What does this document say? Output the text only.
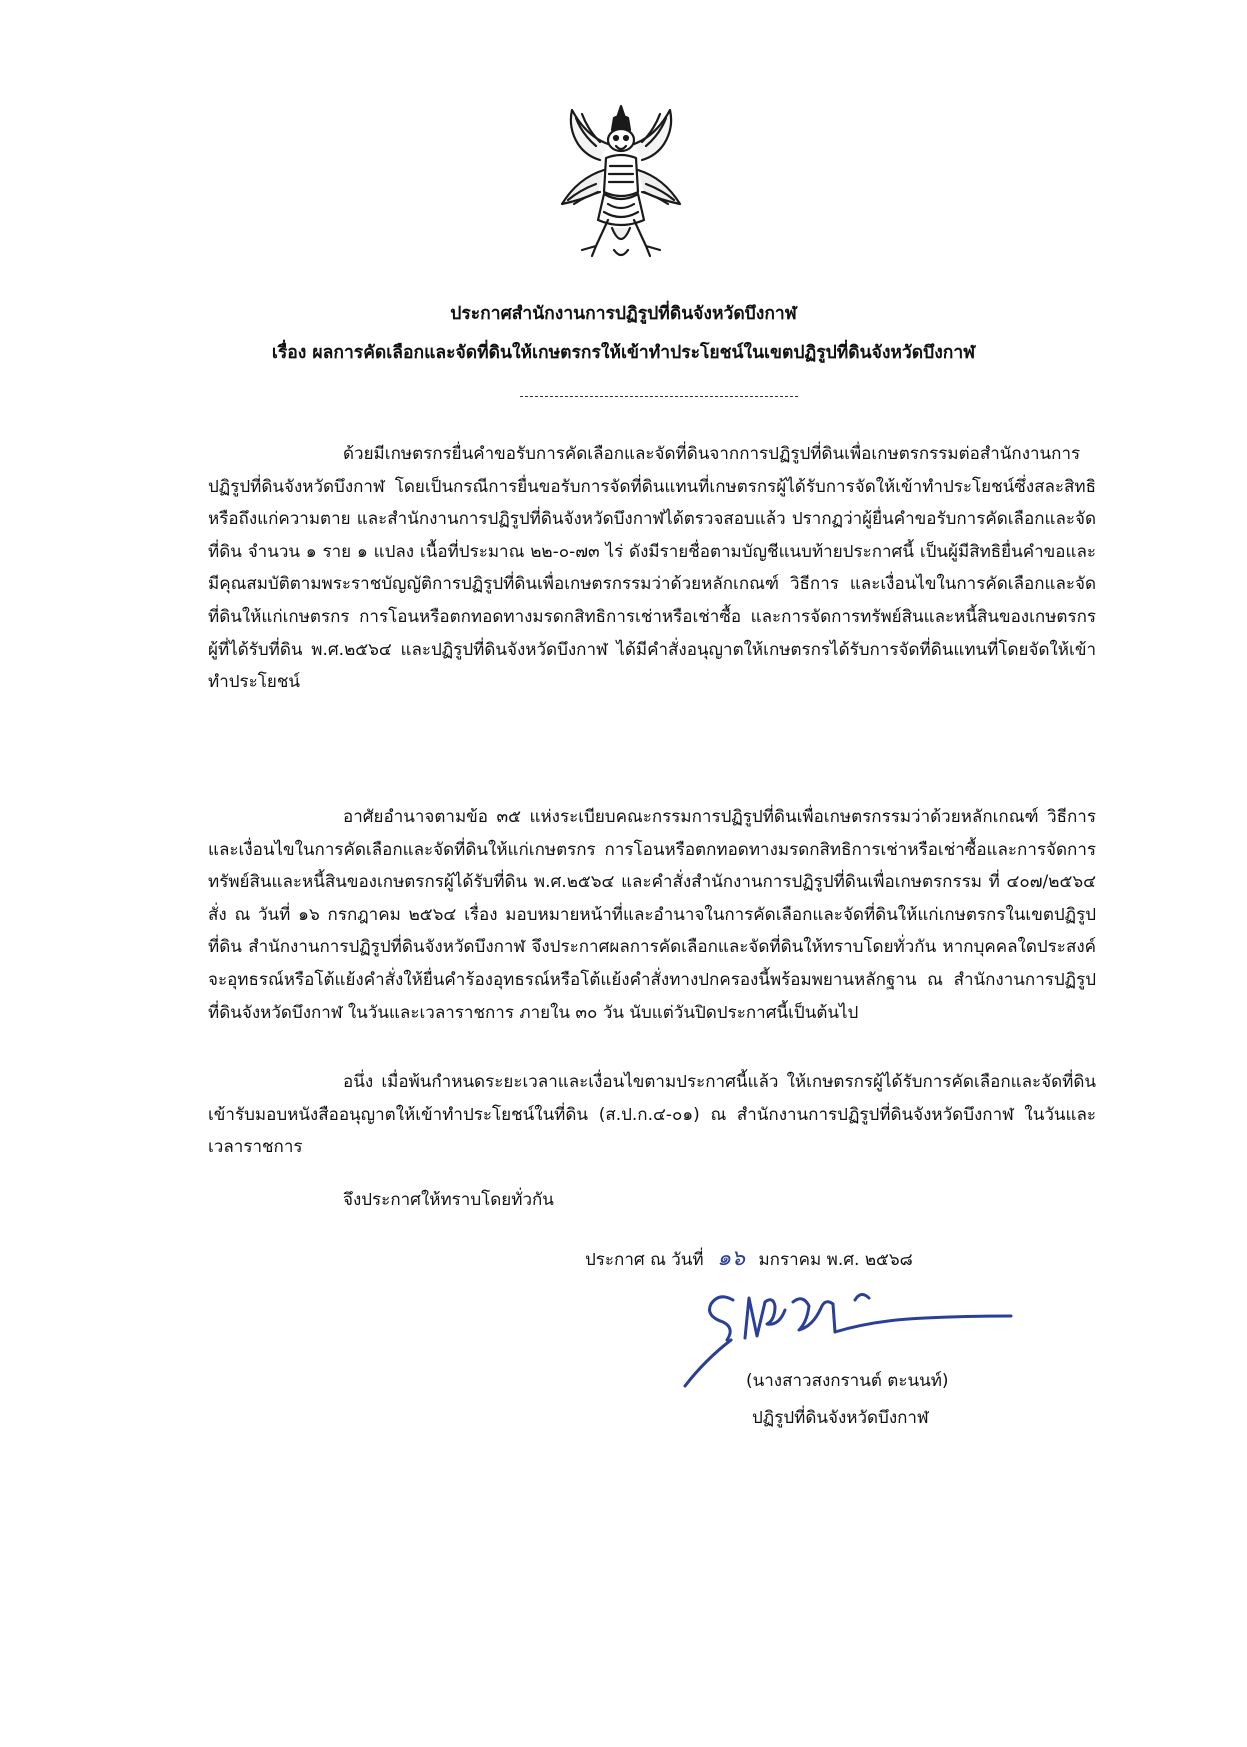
ประกาศสำนักงานการปฏิรูปที่ดินจังหวัดบึงกาฬ
เรื่อง ผลการคัดเลือกและจัดที่ดินให้เกษตรกรให้เข้าทำประโยชน์ในเขตปฏิรูปที่ดินจังหวัดบึงกาฬ

ด้วยมีเกษตรกรยื่นคำขอรับการคัดเลือกและจัดที่ดินจากการปฏิรูปที่ดินเพื่อเกษตรกรรมต่อสำนักงานการปฏิรูปที่ดินจังหวัดบึงกาฬ โดยเป็นกรณีการยื่นขอรับการจัดที่ดินแทนที่เกษตรกรผู้ได้รับการจัดให้เข้าทำประโยชน์ซึ่งสละสิทธิหรือถึงแก่ความตาย และสำนักงานการปฏิรูปที่ดินจังหวัดบึงกาฬได้ตรวจสอบแล้ว ปรากฏว่าผู้ยื่นคำขอรับการคัดเลือกและจัดที่ดิน จำนวน ๑ ราย ๑ แปลง เนื้อที่ประมาณ ๒๒-๐-๗๓ ไร่ ดังมีรายชื่อตามบัญชีแนบท้ายประกาศนี้ เป็นผู้มีสิทธิยื่นคำขอและมีคุณสมบัติตามพระราชบัญญัติการปฏิรูปที่ดินเพื่อเกษตรกรรมว่าด้วยหลักเกณฑ์ วิธีการ และเงื่อนไขในการคัดเลือกและจัดที่ดินให้แก่เกษตรกร การโอนหรือตกทอดทางมรดกสิทธิการเช่าหรือเช่าซื้อ และการจัดการทรัพย์สินและหนี้สินของเกษตรกรผู้ที่ได้รับที่ดิน พ.ศ.๒๕๖๔ และปฏิรูปที่ดินจังหวัดบึงกาฬ ได้มีคำสั่งอนุญาตให้เกษตรกรได้รับการจัดที่ดินแทนที่โดยจัดให้เข้าทำประโยชน์

อาศัยอำนาจตามข้อ ๓๕ แห่งระเบียบคณะกรรมการปฏิรูปที่ดินเพื่อเกษตรกรรมว่าด้วยหลักเกณฑ์ วิธีการ และเงื่อนไขในการคัดเลือกและจัดที่ดินให้แก่เกษตรกร การโอนหรือตกทอดทางมรดกสิทธิการเช่าหรือเช่าซื้อและการจัดการทรัพย์สินและหนี้สินของเกษตรกรผู้ได้รับที่ดิน พ.ศ.๒๕๖๔ และคำสั่งสำนักงานการปฏิรูปที่ดินเพื่อเกษตรกรรม ที่ ๔๐๗/๒๕๖๔ สั่ง ณ วันที่ ๑๖ กรกฎาคม ๒๕๖๔ เรื่อง มอบหมายหน้าที่และอำนาจในการคัดเลือกและจัดที่ดินให้แก่เกษตรกรในเขตปฏิรูปที่ดิน สำนักงานการปฏิรูปที่ดินจังหวัดบึงกาฬ จึงประกาศผลการคัดเลือกและจัดที่ดินให้ทราบโดยทั่วกัน หากบุคคลใดประสงค์จะอุทธรณ์หรือโต้แย้งคำสั่งให้ยื่นคำร้องอุทธรณ์หรือโต้แย้งคำสั่งทางปกครองนี้พร้อมพยานหลักฐาน ณ สำนักงานการปฏิรูปที่ดินจังหวัดบึงกาฬ ในวันและเวลาราชการ ภายใน ๓๐ วัน นับแต่วันปิดประกาศนี้เป็นต้นไป

อนึ่ง เมื่อพ้นกำหนดระยะเวลาและเงื่อนไขตามประกาศนี้แล้ว ให้เกษตรกรผู้ได้รับการคัดเลือกและจัดที่ดินเข้ารับมอบหนังสืออนุญาตให้เข้าทำประโยชน์ในที่ดิน (ส.ป.ก.๔-๐๑) ณ สำนักงานการปฏิรูปที่ดินจังหวัดบึงกาฬ ในวันและเวลาราชการ

จึงประกาศให้ทราบโดยทั่วกัน
ประกาศ ณ วันที่ ๑๖ มกราคม พ.ศ. ๒๕๖๘
(นางสาวสงกรานต์ ตะนนท์)
ปฏิรูปที่ดินจังหวัดบึงกาฬ
